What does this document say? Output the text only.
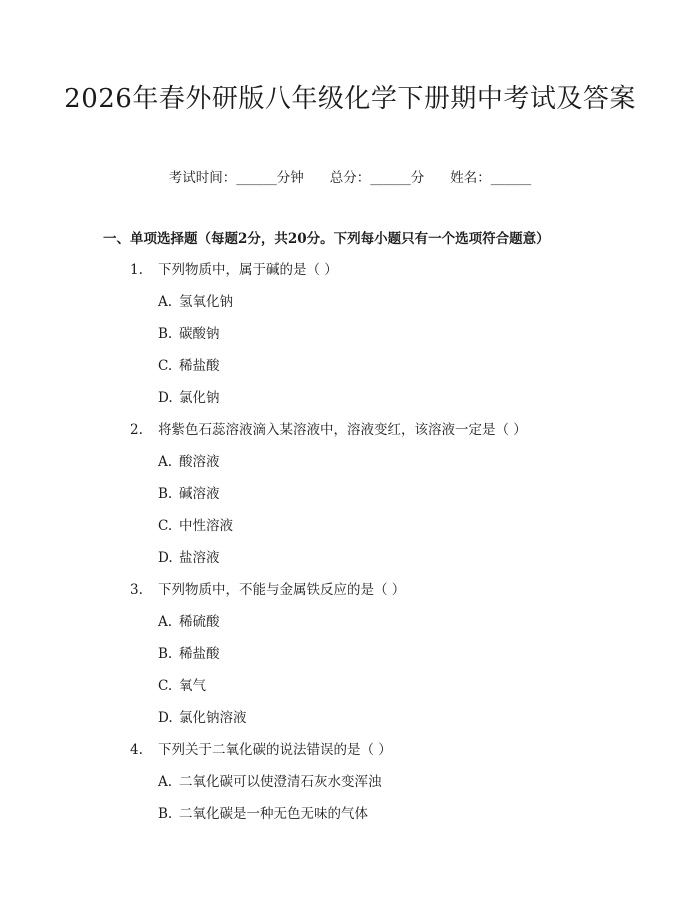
2026年春外研版八年级化学下册期中考试及答案
考试时间：______分钟 总分：______分 姓名：______
一、单项选择题（每题2分，共20分。下列每小题只有一个选项符合题意）
1. 下列物质中，属于碱的是（ ）
A. 氢氧化钠
B. 碳酸钠
C. 稀盐酸
D. 氯化钠
2. 将紫色石蕊溶液滴入某溶液中，溶液变红，该溶液一定是（ ）
A. 酸溶液
B. 碱溶液
C. 中性溶液
D. 盐溶液
3. 下列物质中，不能与金属铁反应的是（ ）
A. 稀硫酸
B. 稀盐酸
C. 氧气
D. 氯化钠溶液
4. 下列关于二氧化碳的说法错误的是（ ）
A. 二氧化碳可以使澄清石灰水变浑浊
B. 二氧化碳是一种无色无味的气体
